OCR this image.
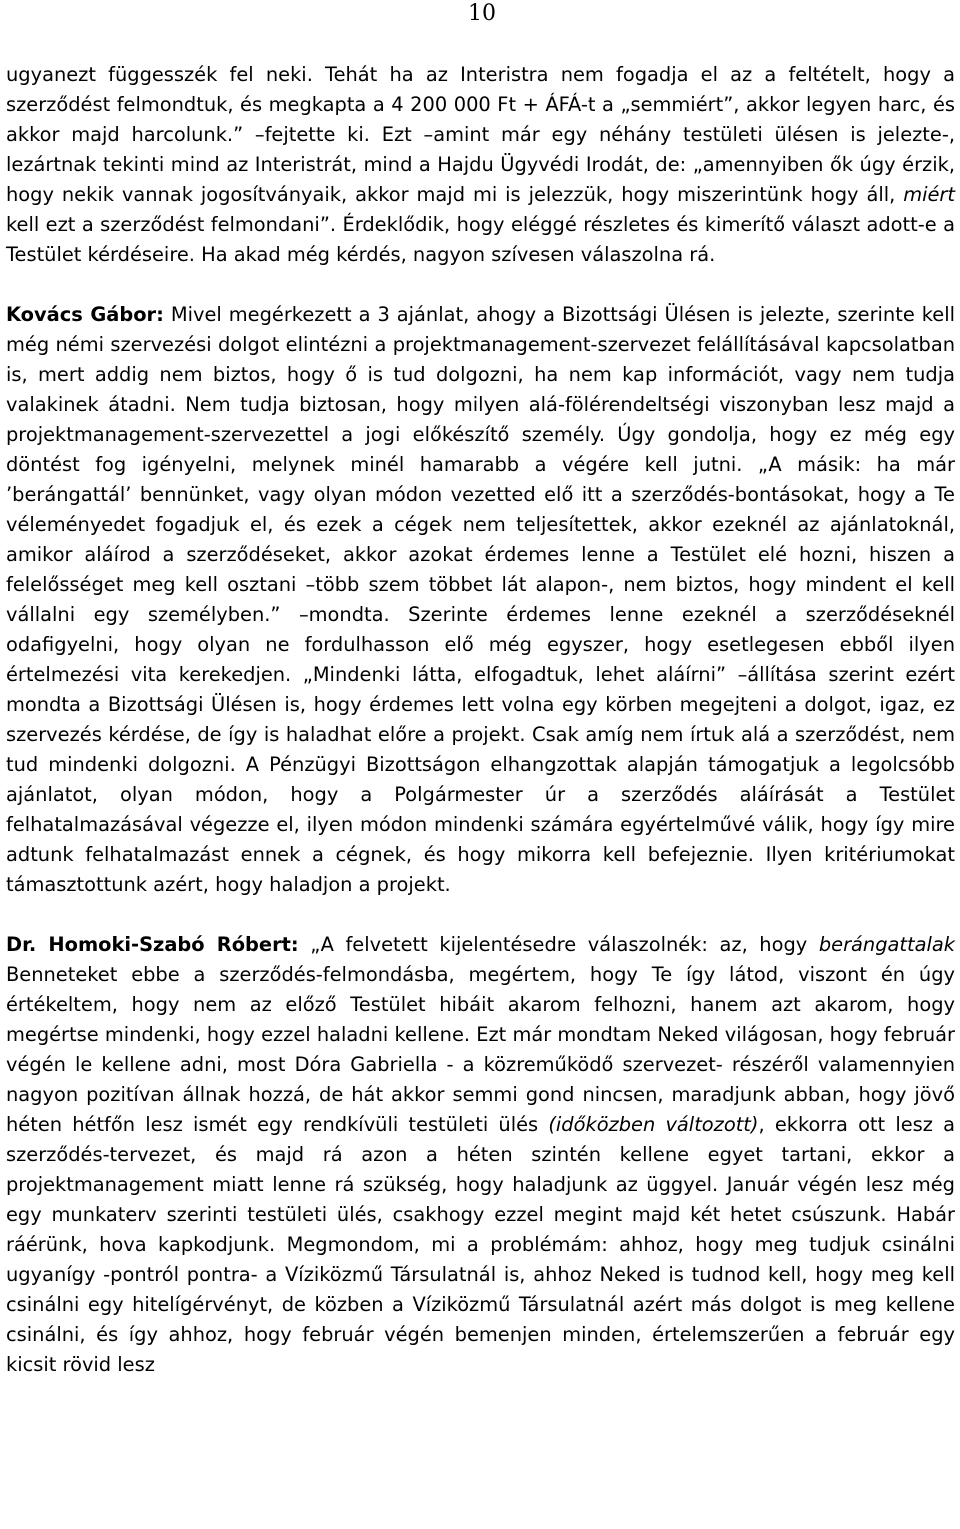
10

ugyanezt függesszék fel neki. Tehát ha az Interistra nem fogadja el az a feltételt, hogy a szerződést felmondtuk, és megkapta a 4 200 000 Ft + ÁFÁ-t a „semmiért”, akkor legyen harc, és akkor majd harcolunk.” –fejtette ki. Ezt –amint már egy néhány testületi ülésen is jelezte-, lezártnak tekinti mind az Interistrát, mind a Hajdu Ügyvédi Irodát, de: „amennyiben ők úgy érzik, hogy nekik vannak jogosítványaik, akkor majd mi is jelezzük, hogy miszerintünk hogy áll, miért kell ezt a szerződést felmondani”. Érdeklődik, hogy eléggé részletes és kimerítő választ adott-e a Testület kérdéseire. Ha akad még kérdés, nagyon szívesen válaszolna rá.

Kovács Gábor: Mivel megérkezett a 3 ajánlat, ahogy a Bizottsági Ülésen is jelezte, szerinte kell még némi szervezési dolgot elintézni a projektmanagement-szervezet felállításával kapcsolatban is, mert addig nem biztos, hogy ő is tud dolgozni, ha nem kap információt, vagy nem tudja valakinek átadni. Nem tudja biztosan, hogy milyen alá-fölérendeltségi viszonyban lesz majd a projektmanagement-szervezettel a jogi előkészítő személy. Úgy gondolja, hogy ez még egy döntést fog igényelni, melynek minél hamarabb a végére kell jutni. „A másik: ha már ’berángattál’ bennünket, vagy olyan módon vezetted elő itt a szerződés-bontásokat, hogy a Te véleményedet fogadjuk el, és ezek a cégek nem teljesítettek, akkor ezeknél az ajánlatoknál, amikor aláírod a szerződéseket, akkor azokat érdemes lenne a Testület elé hozni, hiszen a felelősséget meg kell osztani –több szem többet lát alapon-, nem biztos, hogy mindent el kell vállalni egy személyben.” –mondta. Szerinte érdemes lenne ezeknél a szerződéseknél odafigyelni, hogy olyan ne fordulhasson elő még egyszer, hogy esetlegesen ebből ilyen értelmezési vita kerekedjen. „Mindenki látta, elfogadtuk, lehet aláírni” –állítása szerint ezért mondta a Bizottsági Ülésen is, hogy érdemes lett volna egy körben megejteni a dolgot, igaz, ez szervezés kérdése, de így is haladhat előre a projekt. Csak amíg nem írtuk alá a szerződést, nem tud mindenki dolgozni. A Pénzügyi Bizottságon elhangzottak alapján támogatjuk a legolcsóbb ajánlatot, olyan módon, hogy a Polgármester úr a szerződés aláírását a Testület felhatalmazásával végezze el, ilyen módon mindenki számára egyértelművé válik, hogy így mire adtunk felhatalmazást ennek a cégnek, és hogy mikorra kell befejeznie. Ilyen kritériumokat támasztottunk azért, hogy haladjon a projekt.

Dr. Homoki-Szabó Róbert: „A felvetett kijelentésedre válaszolnék: az, hogy berángattalak Benneteket ebbe a szerződés-felmondásba, megértem, hogy Te így látod, viszont én úgy értékeltem, hogy nem az előző Testület hibáit akarom felhozni, hanem azt akarom, hogy megértse mindenki, hogy ezzel haladni kellene. Ezt már mondtam Neked világosan, hogy február végén le kellene adni, most Dóra Gabriella - a közreműködő szervezet- részéről valamennyien nagyon pozitívan állnak hozzá, de hát akkor semmi gond nincsen, maradjunk abban, hogy jövő héten hétfőn lesz ismét egy rendkívüli testületi ülés (időközben változott), ekkorra ott lesz a szerződés-tervezet, és majd rá azon a héten szintén kellene egyet tartani, ekkor a projektmanagement miatt lenne rá szükség, hogy haladjunk az üggyel. Január végén lesz még egy munkaterv szerinti testületi ülés, csakhogy ezzel megint majd két hetet csúszunk. Habár ráérünk, hova kapkodjunk. Megmondom, mi a problémám: ahhoz, hogy meg tudjuk csinálni ugyanígy -pontról pontra- a Víziközmű Társulatnál is, ahhoz Neked is tudnod kell, hogy meg kell csinálni egy hitelígérvényt, de közben a Víziközmű Társulatnál azért más dolgot is meg kellene csinálni, és így ahhoz, hogy február végén bemenjen minden, értelemszerűen a február egy kicsit rövid lesz
